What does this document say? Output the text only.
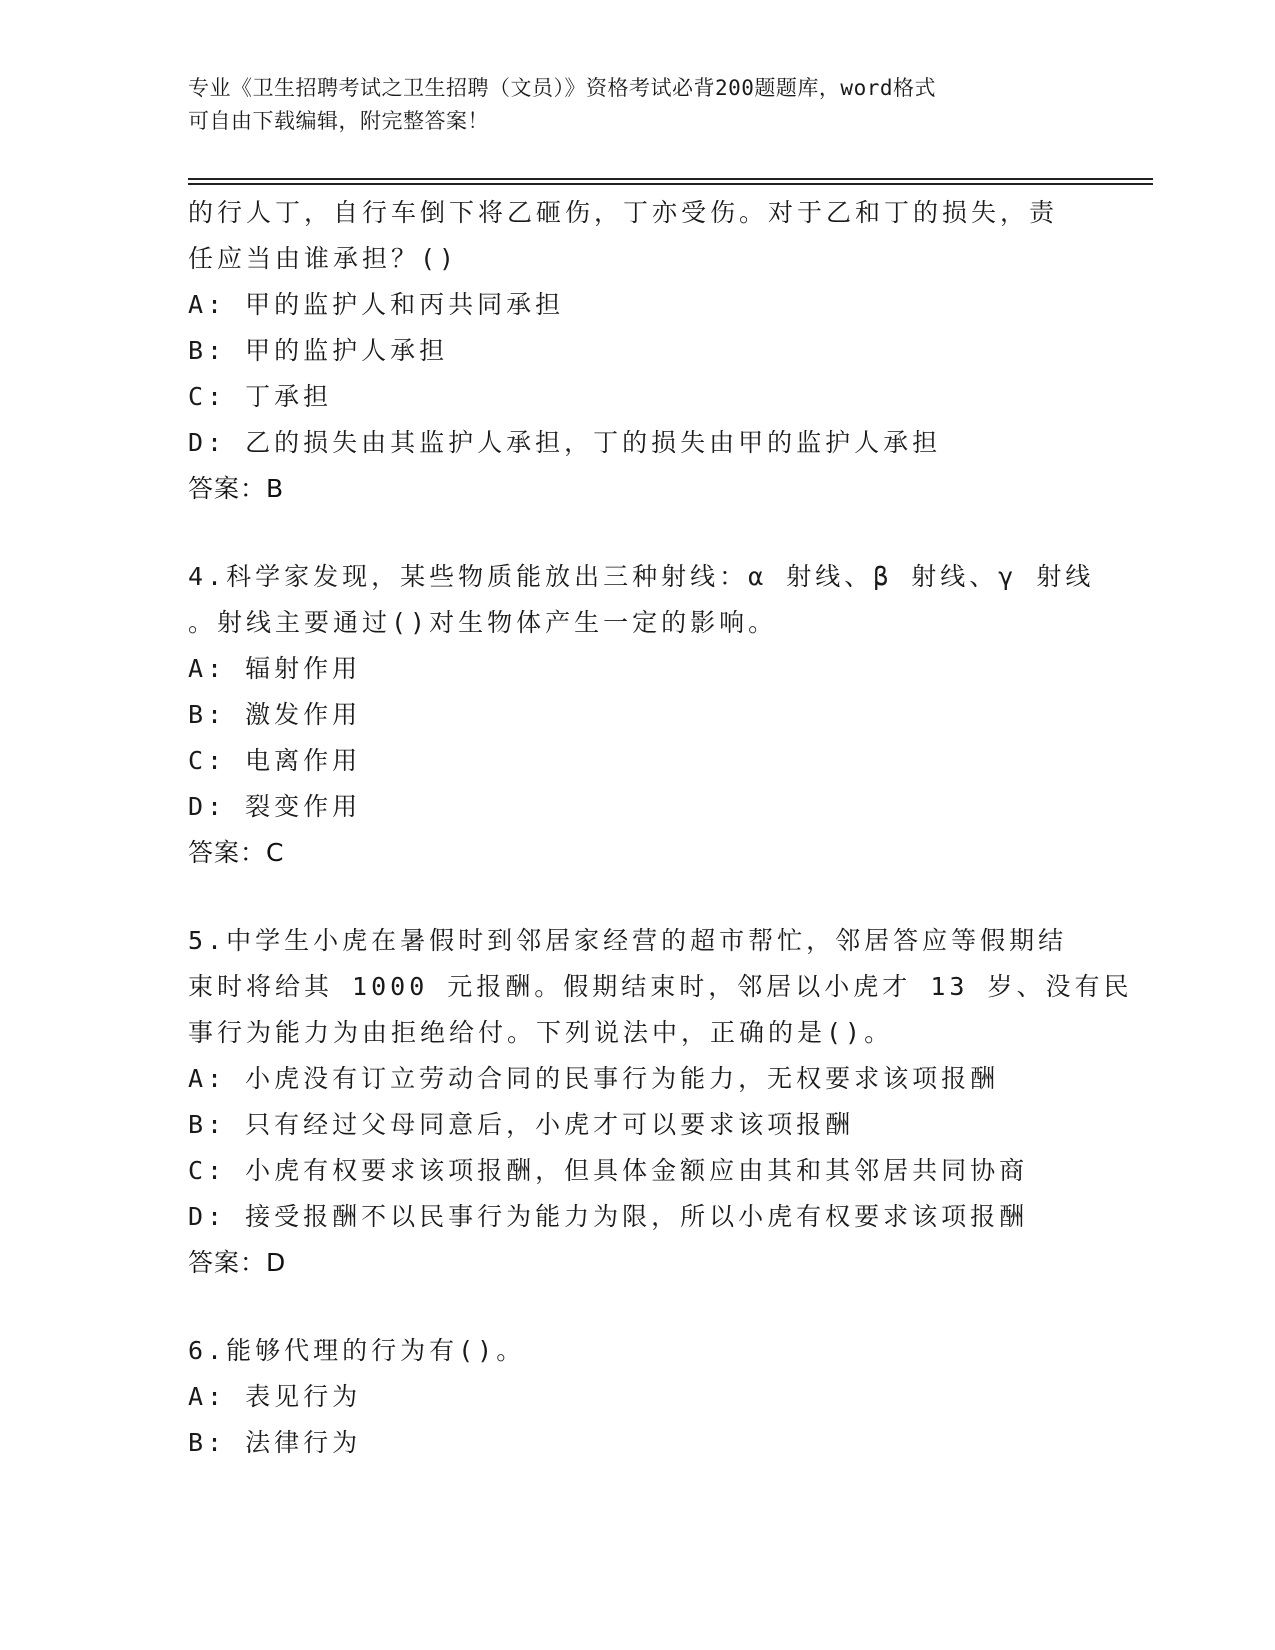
专业《卫生招聘考试之卫生招聘（文员）》资格考试必背200题题库，word格式
可自由下载编辑，附完整答案！
的行人丁，自行车倒下将乙砸伤，丁亦受伤。对于乙和丁的损失，责
任应当由谁承担？()
A: 甲的监护人和丙共同承担
B: 甲的监护人承担
C: 丁承担
D: 乙的损失由其监护人承担，丁的损失由甲的监护人承担
答案：B
4.科学家发现，某些物质能放出三种射线：α 射线、β 射线、γ 射线
。射线主要通过()对生物体产生一定的影响。
A: 辐射作用
B: 激发作用
C: 电离作用
D: 裂变作用
答案：C
5.中学生小虎在暑假时到邻居家经营的超市帮忙，邻居答应等假期结
束时将给其 1000 元报酬。假期结束时，邻居以小虎才 13 岁、没有民
事行为能力为由拒绝给付。下列说法中，正确的是()。
A: 小虎没有订立劳动合同的民事行为能力，无权要求该项报酬
B: 只有经过父母同意后，小虎才可以要求该项报酬
C: 小虎有权要求该项报酬，但具体金额应由其和其邻居共同协商
D: 接受报酬不以民事行为能力为限，所以小虎有权要求该项报酬
答案：D
6.能够代理的行为有()。
A: 表见行为
B: 法律行为
